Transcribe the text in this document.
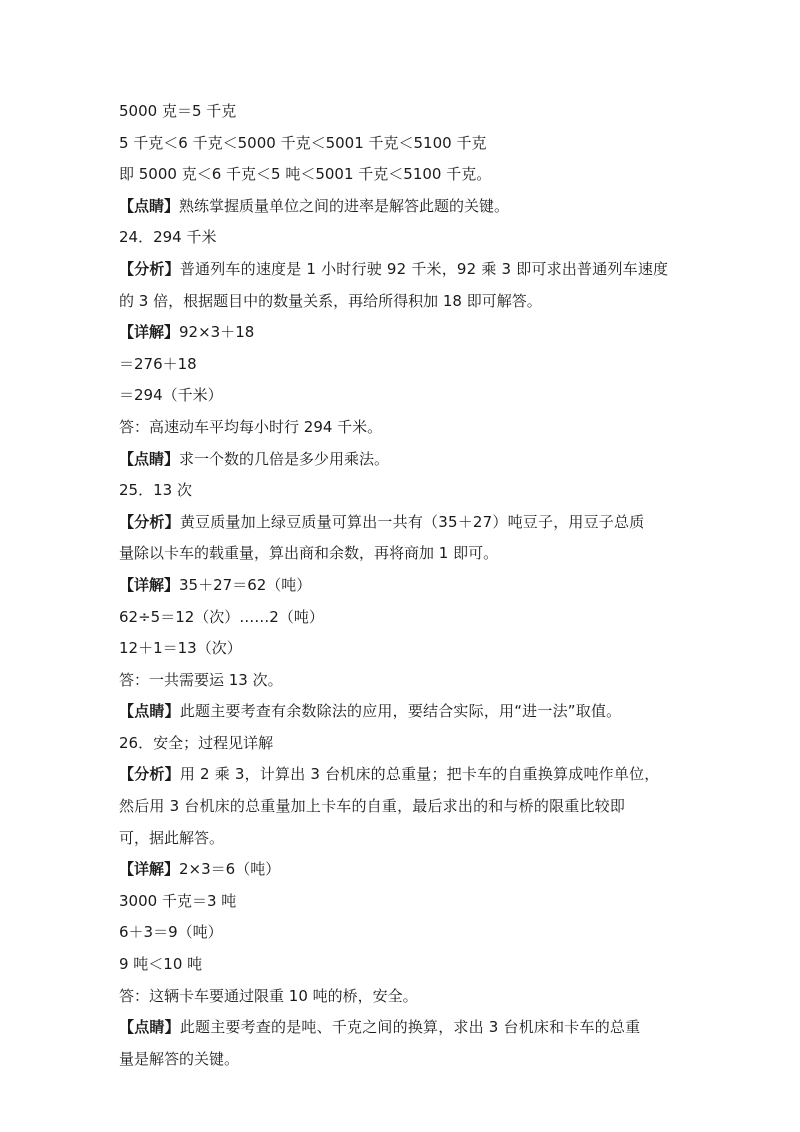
5000 克＝5 千克
5 千克＜6 千克＜5000 千克＜5001 千克＜5100 千克
即 5000 克＜6 千克＜5 吨＜5001 千克＜5100 千克。
【点睛】熟练掌握质量单位之间的进率是解答此题的关键。
24．294 千米
【分析】普通列车的速度是 1 小时行驶 92 千米，92 乘 3 即可求出普通列车速度
的 3 倍，根据题目中的数量关系，再给所得积加 18 即可解答。
【详解】92×3＋18
＝276＋18
＝294（千米）
答：高速动车平均每小时行 294 千米。
【点睛】求一个数的几倍是多少用乘法。
25．13 次
【分析】黄豆质量加上绿豆质量可算出一共有（35＋27）吨豆子，用豆子总质
量除以卡车的载重量，算出商和余数，再将商加 1 即可。
【详解】35＋27＝62（吨）
62÷5＝12（次）……2（吨）
12＋1＝13（次）
答：一共需要运 13 次。
【点睛】此题主要考查有余数除法的应用，要结合实际，用“进一法”取值。
26．安全；过程见详解
【分析】用 2 乘 3，计算出 3 台机床的总重量；把卡车的自重换算成吨作单位，
然后用 3 台机床的总重量加上卡车的自重，最后求出的和与桥的限重比较即
可，据此解答。
【详解】2×3＝6（吨）
3000 千克＝3 吨
6＋3＝9（吨）
9 吨＜10 吨
答：这辆卡车要通过限重 10 吨的桥，安全。
【点睛】此题主要考查的是吨、千克之间的换算，求出 3 台机床和卡车的总重
量是解答的关键。
